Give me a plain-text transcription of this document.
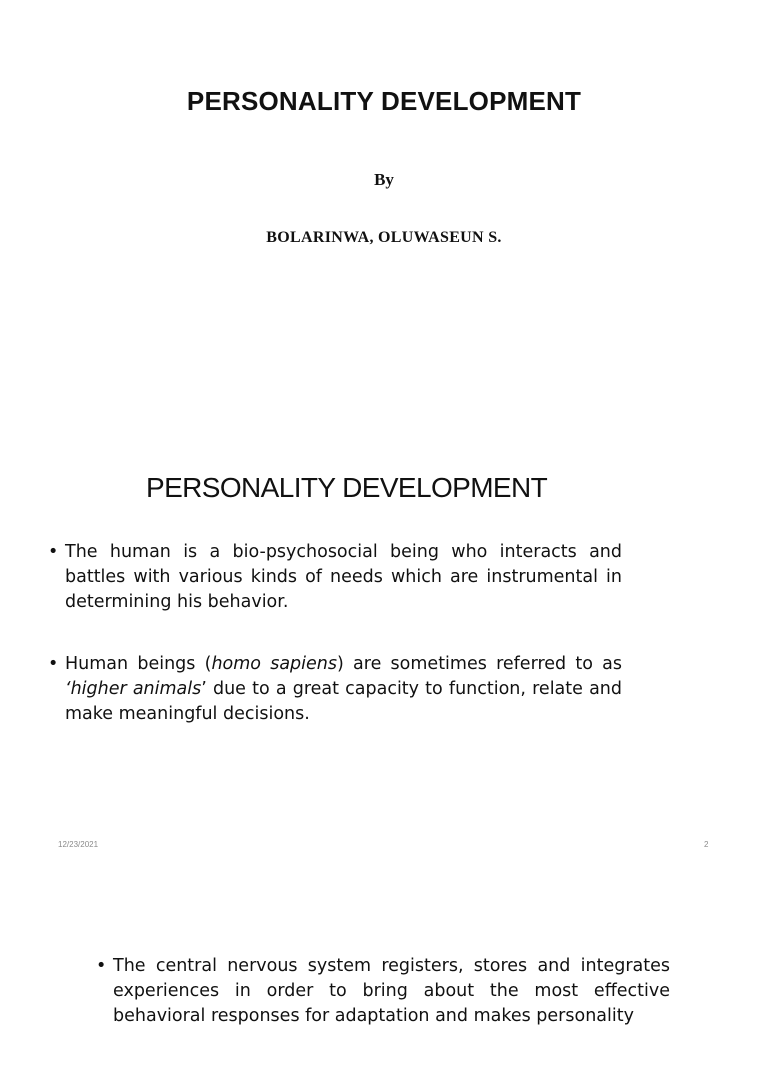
PERSONALITY DEVELOPMENT
By
BOLARINWA, OLUWASEUN S.
PERSONALITY DEVELOPMENT
• The human is a bio-psychosocial being who interacts and battles with various kinds of needs which are instrumental in determining his behavior.
• Human beings (homo sapiens) are sometimes referred to as ‘higher animals’ due to a great capacity to function, relate and make meaningful decisions.
12/23/2021	2
• The central nervous system registers, stores and integrates experiences in order to bring about the most effective behavioral responses for adaptation and makes personality
